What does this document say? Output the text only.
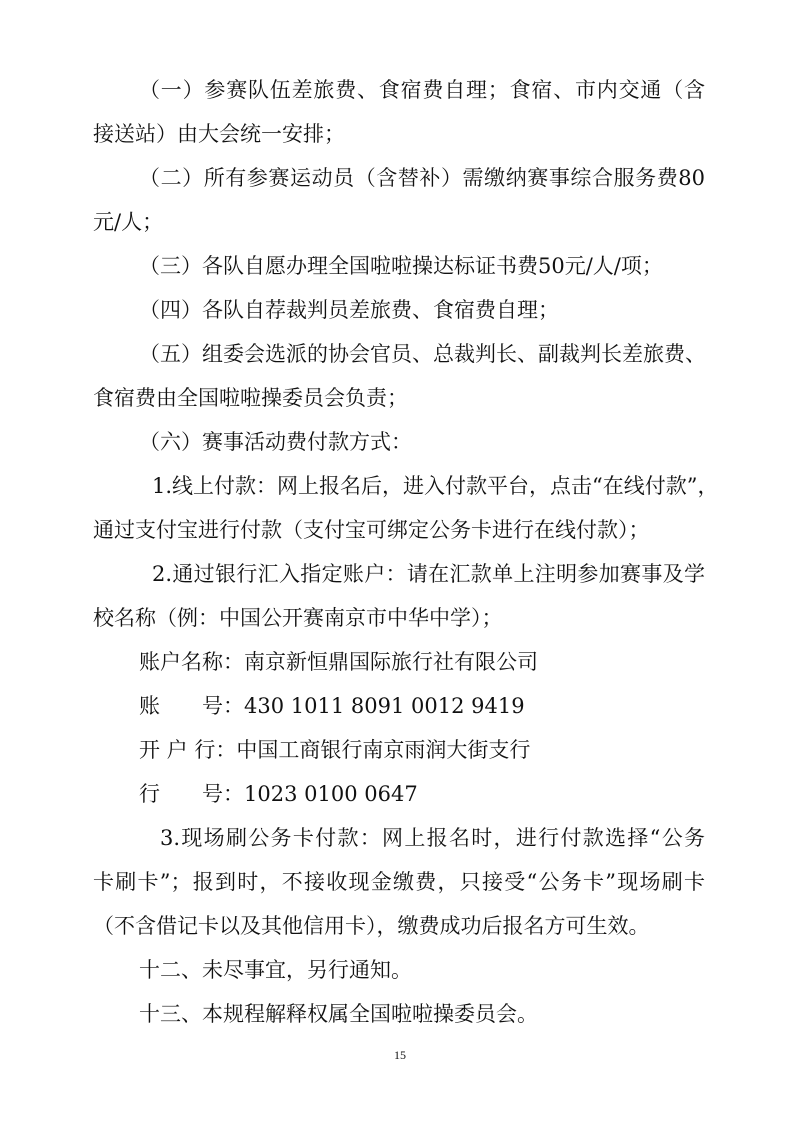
（一）参赛队伍差旅费、食宿费自理；食宿、市内交通（含
接送站）由大会统一安排；
（二）所有参赛运动员（含替补）需缴纳赛事综合服务费80
元/人；
（三）各队自愿办理全国啦啦操达标证书费50元/人/项；
（四）各队自荐裁判员差旅费、食宿费自理；
（五）组委会选派的协会官员、总裁判长、副裁判长差旅费、
食宿费由全国啦啦操委员会负责；
（六）赛事活动费付款方式：
1.线上付款：网上报名后，进入付款平台，点击“在线付款”，
通过支付宝进行付款（支付宝可绑定公务卡进行在线付款）；
2.通过银行汇入指定账户：请在汇款单上注明参加赛事及学
校名称（例：中国公开赛南京市中华中学）；
账户名称：南京新恒鼎国际旅行社有限公司
账　　号：430 1011 8091 0012 9419
开 户 行：中国工商银行南京雨润大街支行
行　　号：1023 0100 0647
3.现场刷公务卡付款：网上报名时，进行付款选择“公务
卡刷卡”；报到时，不接收现金缴费，只接受“公务卡”现场刷卡
（不含借记卡以及其他信用卡），缴费成功后报名方可生效。
十二、未尽事宜，另行通知。
十三、本规程解释权属全国啦啦操委员会。
15
